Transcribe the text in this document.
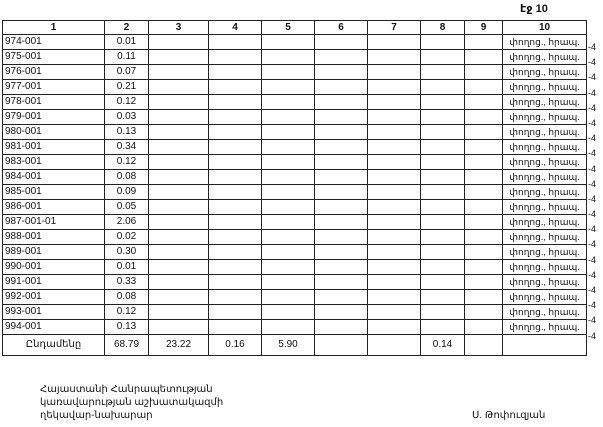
էջ 10
1	2	3	4	5	6	7	8	9	10
974-001	0.01								փողոց., հրապ.
975-001	0.11								փողոց., հրապ.
976-001	0.07								փողոց., հրապ.
977-001	0.21								փողոց., հրապ.
978-001	0.12								փողոց., հրապ.
979-001	0.03								փողոց., հրապ.
980-001	0.13								փողոց., հրապ.
981-001	0.34								փողոց., հրապ.
983-001	0.12								փողոց., հրապ.
984-001	0.08								փողոց., հրապ.
985-001	0.09								փողոց., հրապ.
986-001	0.05								փողոց., հրապ.
987-001-01	2.06								փողոց., հրապ.
988-001	0.02								փողոց., հրապ.
989-001	0.30								փողոց., հրապ.
990-001	0.01								փողոց., հրապ.
991-001	0.33								փողոց., հրապ.
992-001	0.08								փողոց., հրապ.
993-001	0.12								փողոց., հրապ.
994-001	0.13								փողոց., հրապ.
Ընդամենը	68.79	23.22	0.16	5.90			0.14		
-4
-4
-4
-4
-4
-4
-4
-4
-4
-4
-4
-4
-4
-4
-4
-4
-4
-4
-4
-4
Հայաստանի Հանրապետության
կառավարության աշխատակազմի
ղեկավար-նախարար	Ս. Թոփուզյան
